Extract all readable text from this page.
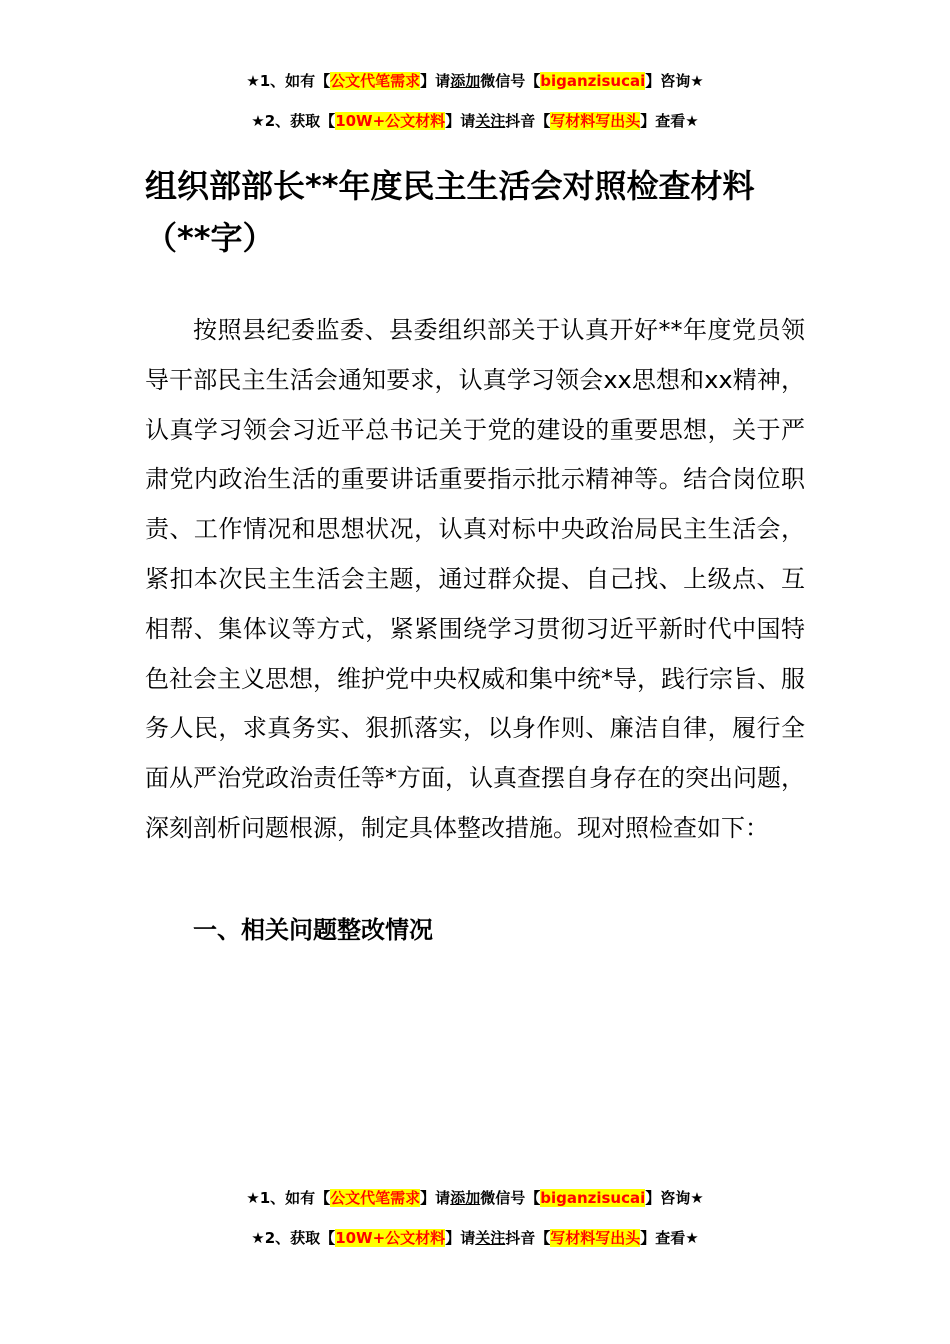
★1、如有【公文代笔需求】请添加微信号【biganzisucai】咨询★
★2、获取【10W+公文材料】请关注抖音【写材料写出头】查看★
组织部部长**年度民主生活会对照检查材料（**字）

按照县纪委监委、县委组织部关于认真开好**年度党员领导干部民主生活会通知要求，认真学习领会xx思想和xx精神，认真学习领会习近平总书记关于党的建设的重要思想，关于严肃党内政治生活的重要讲话重要指示批示精神等。结合岗位职责、工作情况和思想状况，认真对标中央政治局民主生活会，紧扣本次民主生活会主题，通过群众提、自己找、上级点、互相帮、集体议等方式，紧紧围绕学习贯彻习近平新时代中国特色社会主义思想，维护党中央权威和集中统*导，践行宗旨、服务人民，求真务实、狠抓落实，以身作则、廉洁自律，履行全面从严治党政治责任等*方面，认真查摆自身存在的突出问题，深刻剖析问题根源，制定具体整改措施。现对照检查如下：

一、相关问题整改情况
★1、如有【公文代笔需求】请添加微信号【biganzisucai】咨询★
★2、获取【10W+公文材料】请关注抖音【写材料写出头】查看★
